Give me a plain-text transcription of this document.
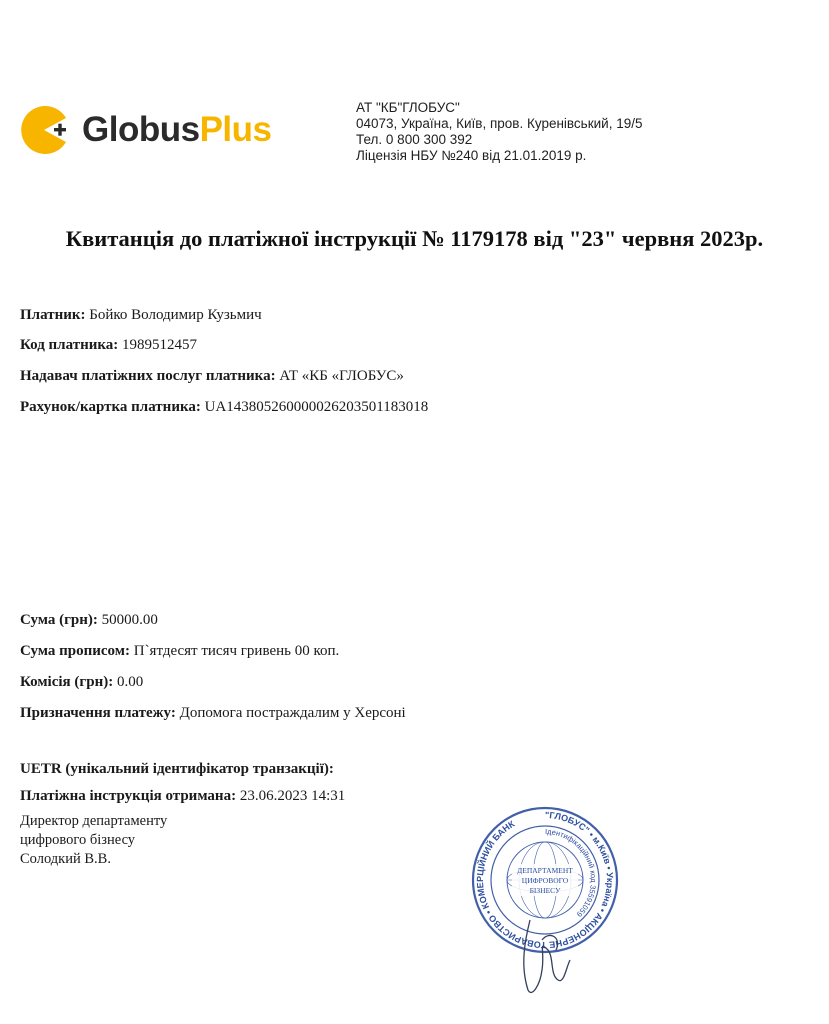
GlobusPlus
АТ "КБ"ГЛОБУС"
04073, Україна, Київ, пров. Куренівський, 19/5
Тел. 0 800 300 392
Ліцензія НБУ №240 від 21.01.2019 р.
Квитанція до платіжної інструкції № 1179178 від "23" червня 2023р.
Платник: Бойко Володимир Кузьмич
Код платника: 1989512457
Надавач платіжних послуг платника: АТ «КБ «ГЛОБУС»
Рахунок/картка платника: UA143805260000026203501183018
Сума (грн): 50000.00
Сума прописом: П`ятдесят тисяч гривень 00 коп.
Комісія (грн): 0.00
Призначення платежу: Допомога постраждалим у Херсоні
UETR (унікальний ідентифікатор транзакції):
Платіжна інструкція отримана: 23.06.2023 14:31
Директор департаменту
цифрового бізнесу
Солодкий В.В.
"ГЛОБУС" • м.Київ • Україна • АКЦІОНЕРНЕ ТОВАРИСТВО • КОМЕРЦІЙНИЙ БАНК
Ідентифікаційний код 35591059
ДЕПАРТАМЕНТ
ЦИФРОВОГО
БІЗНЕСУ
